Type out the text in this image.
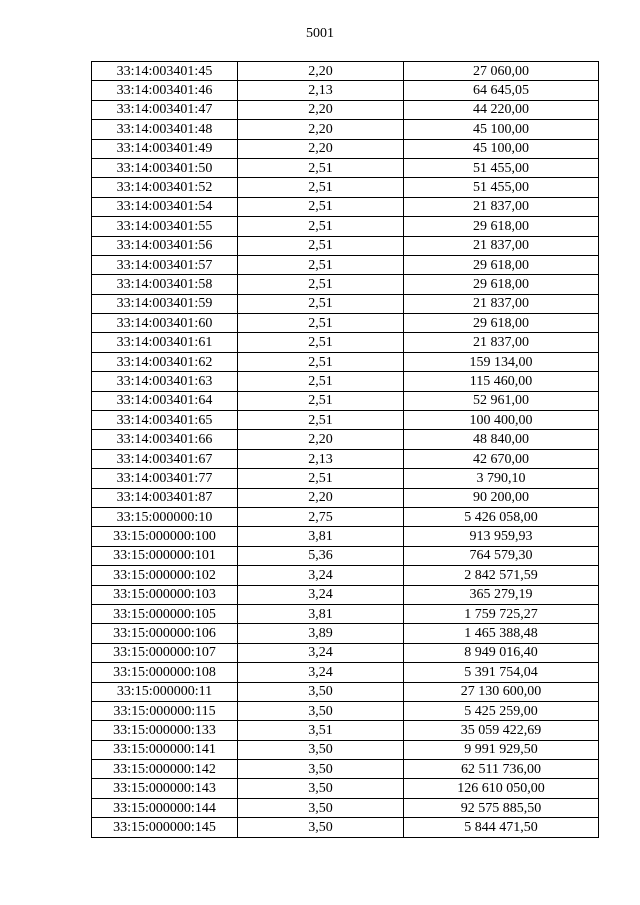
5001
33:14:003401:45	2,20	27 060,00
33:14:003401:46	2,13	64 645,05
33:14:003401:47	2,20	44 220,00
33:14:003401:48	2,20	45 100,00
33:14:003401:49	2,20	45 100,00
33:14:003401:50	2,51	51 455,00
33:14:003401:52	2,51	51 455,00
33:14:003401:54	2,51	21 837,00
33:14:003401:55	2,51	29 618,00
33:14:003401:56	2,51	21 837,00
33:14:003401:57	2,51	29 618,00
33:14:003401:58	2,51	29 618,00
33:14:003401:59	2,51	21 837,00
33:14:003401:60	2,51	29 618,00
33:14:003401:61	2,51	21 837,00
33:14:003401:62	2,51	159 134,00
33:14:003401:63	2,51	115 460,00
33:14:003401:64	2,51	52 961,00
33:14:003401:65	2,51	100 400,00
33:14:003401:66	2,20	48 840,00
33:14:003401:67	2,13	42 670,00
33:14:003401:77	2,51	3 790,10
33:14:003401:87	2,20	90 200,00
33:15:000000:10	2,75	5 426 058,00
33:15:000000:100	3,81	913 959,93
33:15:000000:101	5,36	764 579,30
33:15:000000:102	3,24	2 842 571,59
33:15:000000:103	3,24	365 279,19
33:15:000000:105	3,81	1 759 725,27
33:15:000000:106	3,89	1 465 388,48
33:15:000000:107	3,24	8 949 016,40
33:15:000000:108	3,24	5 391 754,04
33:15:000000:11	3,50	27 130 600,00
33:15:000000:115	3,50	5 425 259,00
33:15:000000:133	3,51	35 059 422,69
33:15:000000:141	3,50	9 991 929,50
33:15:000000:142	3,50	62 511 736,00
33:15:000000:143	3,50	126 610 050,00
33:15:000000:144	3,50	92 575 885,50
33:15:000000:145	3,50	5 844 471,50
